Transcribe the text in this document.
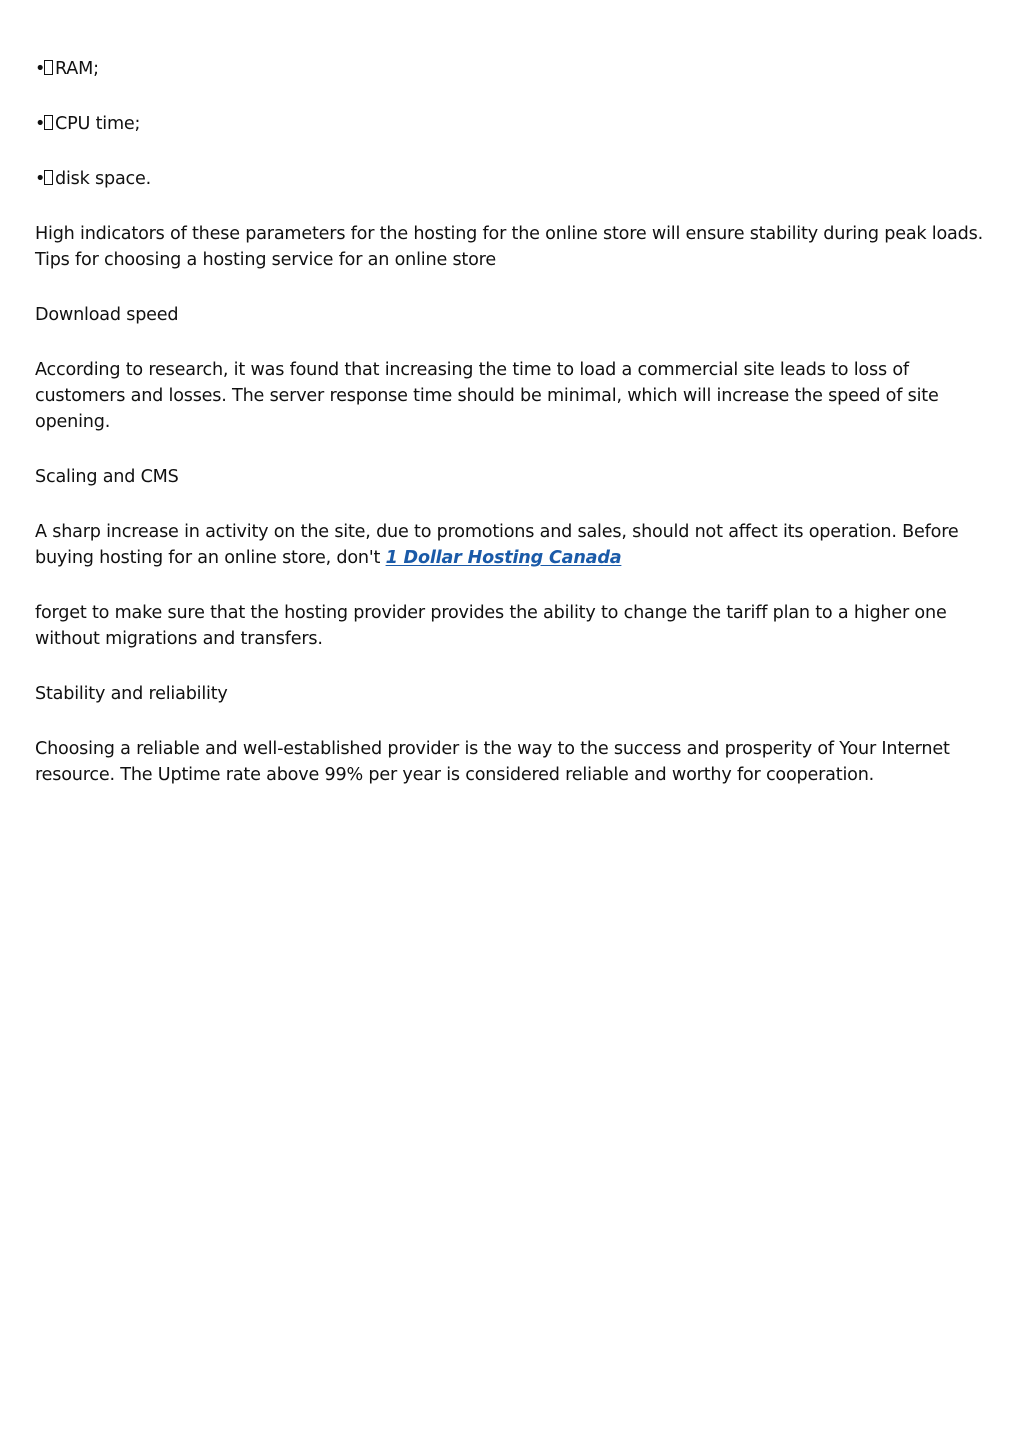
• RAM;

• CPU time;

• disk space.

High indicators of these parameters for the hosting for the online store will ensure stability during peak loads. Tips for choosing a hosting service for an online store

Download speed

According to research, it was found that increasing the time to load a commercial site leads to loss of customers and losses. The server response time should be minimal, which will increase the speed of site opening.

Scaling and CMS

A sharp increase in activity on the site, due to promotions and sales, should not affect its operation. Before buying hosting for an online store, don't 1 Dollar Hosting Canada

forget to make sure that the hosting provider provides the ability to change the tariff plan to a higher one without migrations and transfers.

Stability and reliability

Choosing a reliable and well-established provider is the way to the success and prosperity of Your Internet resource. The Uptime rate above 99% per year is considered reliable and worthy for cooperation.
